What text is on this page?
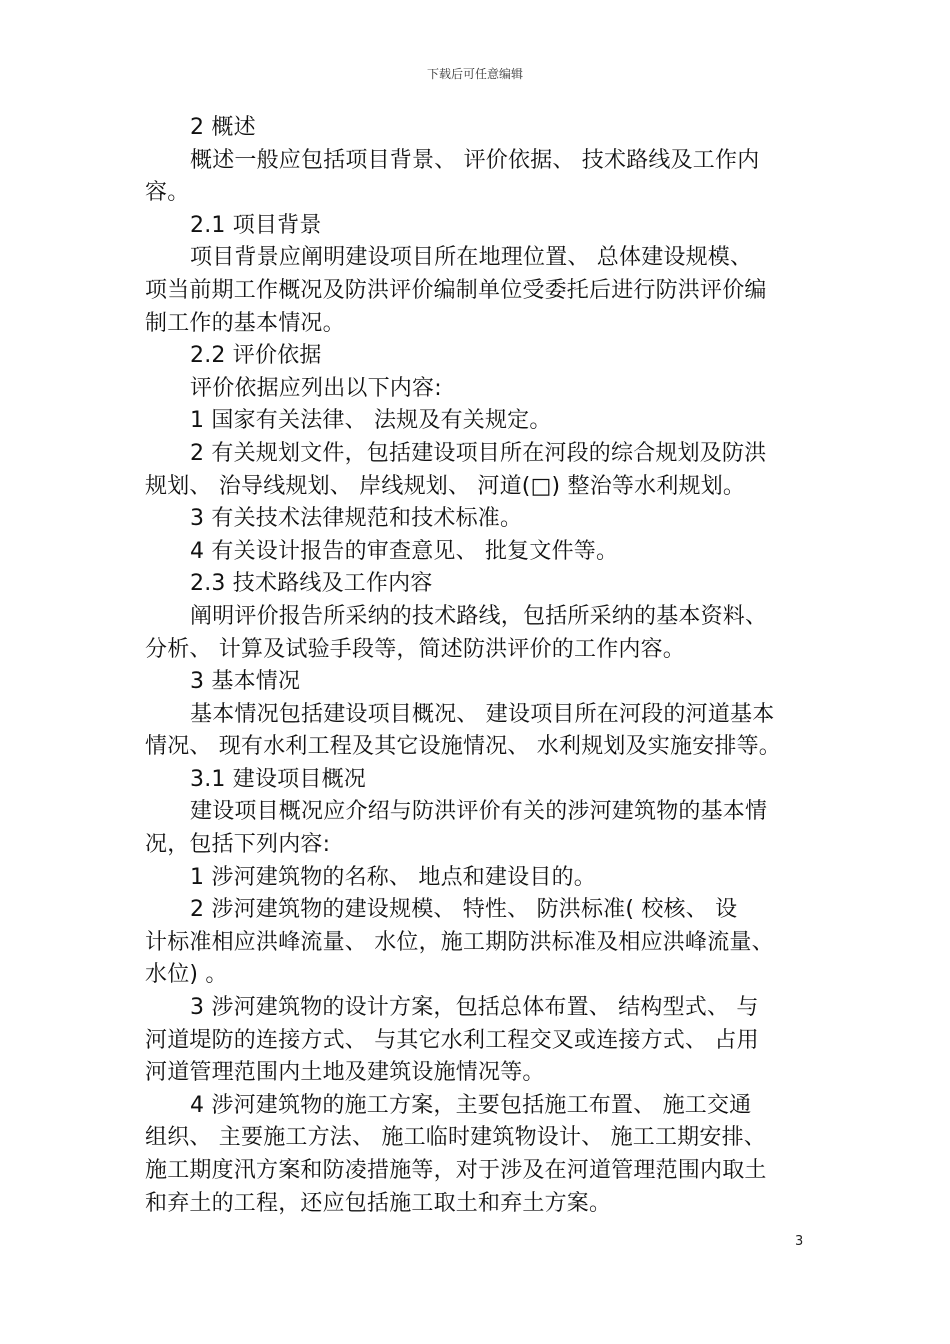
下载后可任意编辑

2 概述

概述一般应包括项目背景、 评价依据、 技术路线及工作内

容。

2.1 项目背景

项目背景应阐明建设项目所在地理位置、 总体建设规模、

项当前期工作概况及防洪评价编制单位受委托后进行防洪评价编

制工作的基本情况。

2.2 评价依据

评价依据应列出以下内容:

1 国家有关法律、 法规及有关规定。

2 有关规划文件，包括建设项目所在河段的综合规划及防洪

规划、 治导线规划、 岸线规划、 河道(□) 整治等水利规划。

3 有关技术法律规范和技术标准。

4 有关设计报告的审查意见、 批复文件等。

2.3 技术路线及工作内容

阐明评价报告所采纳的技术路线，包括所采纳的基本资料、

分析、 计算及试验手段等，简述防洪评价的工作内容。

3 基本情况

基本情况包括建设项目概况、 建设项目所在河段的河道基本

情况、 现有水利工程及其它设施情况、 水利规划及实施安排等。

3.1 建设项目概况

建设项目概况应介绍与防洪评价有关的涉河建筑物的基本情

况，包括下列内容:

1 涉河建筑物的名称、 地点和建设目的。

2 涉河建筑物的建设规模、 特性、 防洪标准( 校核、 设

计标准相应洪峰流量、 水位，施工期防洪标准及相应洪峰流量、

水位) 。

3 涉河建筑物的设计方案，包括总体布置、 结构型式、 与

河道堤防的连接方式、 与其它水利工程交叉或连接方式、 占用

河道管理范围内土地及建筑设施情况等。

4 涉河建筑物的施工方案，主要包括施工布置、 施工交通

组织、 主要施工方法、 施工临时建筑物设计、 施工工期安排、

施工期度汛方案和防凌措施等，对于涉及在河道管理范围内取土

和弃土的工程，还应包括施工取土和弃土方案。

3
